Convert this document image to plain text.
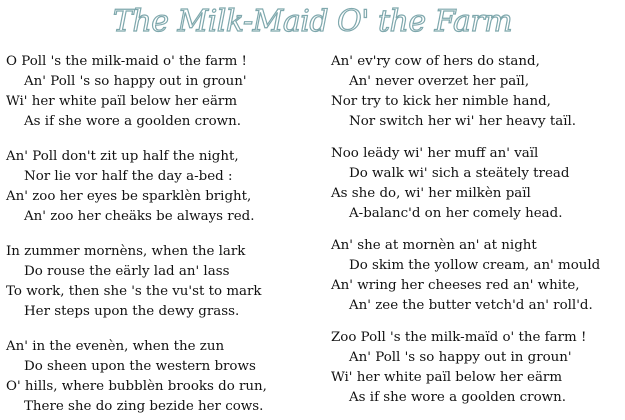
The Milk-Maid O' the Farm
O Poll 's the milk-maid o' the farm !
An' Poll 's so happy out in groun'
Wi' her white païl below her eärm
As if she wore a goolden crown.
An' Poll don't zit up half the night,
Nor lie vor half the day a-bed :
An' zoo her eyes be sparklèn bright,
An' zoo her cheäks be always red.
In zummer mornèns, when the lark
Do rouse the eärly lad an' lass
To work, then she 's the vu'st to mark
Her steps upon the dewy grass.
An' in the evenèn, when the zun
Do sheen upon the western brows
O' hills, where bubblèn brooks do run,
There she do zing bezide her cows.
An' ev'ry cow of hers do stand,
An' never overzet her païl,
Nor try to kick her nimble hand,
Nor switch her wi' her heavy taïl.
Noo leädy wi' her muff an' vaïl
Do walk wi' sich a steätely tread
As she do, wi' her milkèn païl
A-balanc'd on her comely head.
An' she at mornèn an' at night
Do skim the yollow cream, an' mould
An' wring her cheeses red an' white,
An' zee the butter vetch'd an' roll'd.
Zoo Poll 's the milk-maïd o' the farm !
An' Poll 's so happy out in groun'
Wi' her white païl below her eärm
As if she wore a goolden crown.
